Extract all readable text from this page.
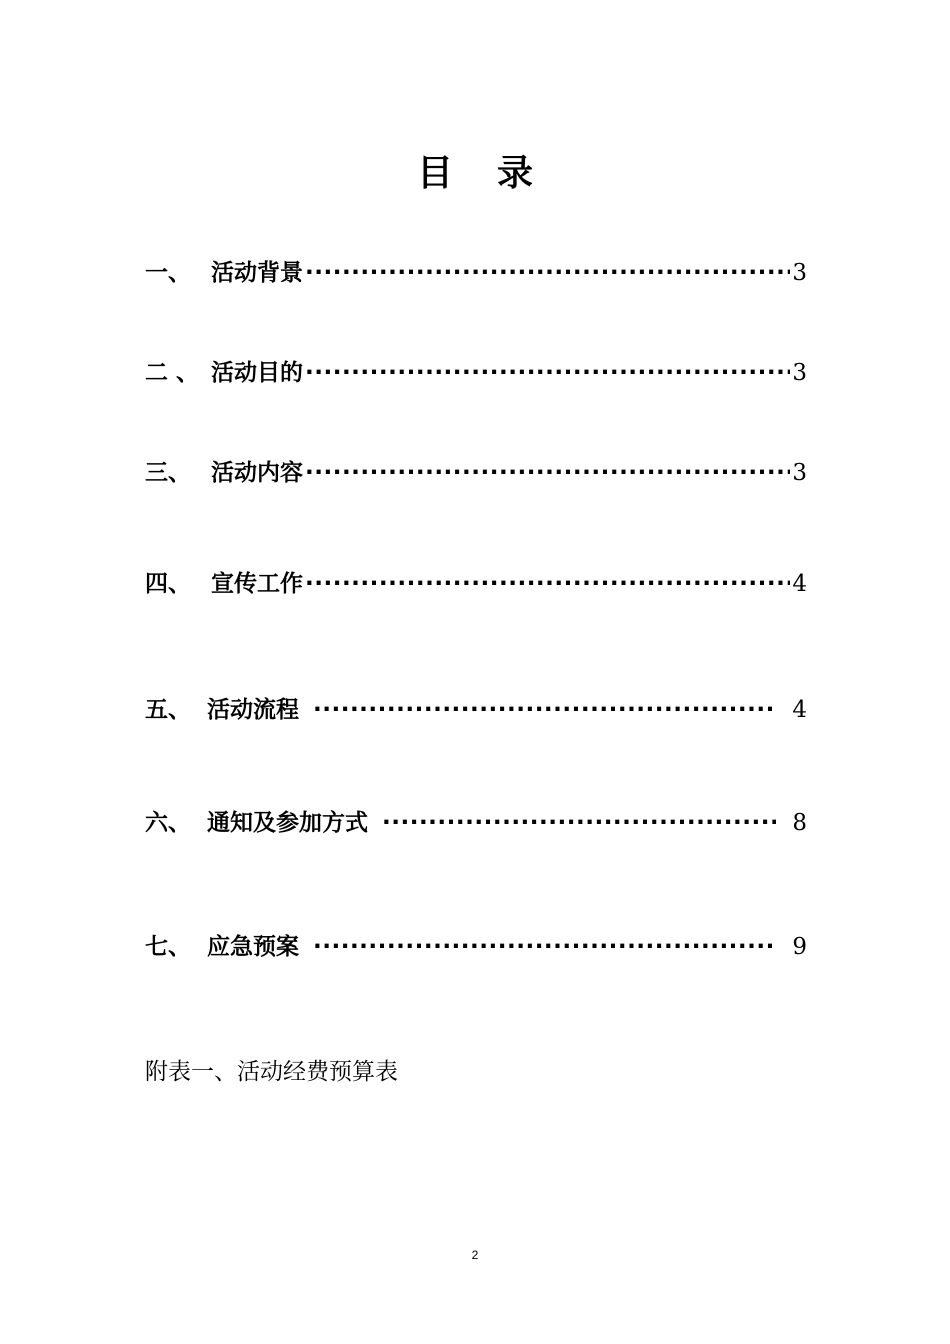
目录
一、 活动背景 ·····	3
二 、 活动目的 ·····	3
三、 活动内容 ·····	3
四、 宣传工作 ·····	4
五、 活动流程 ·····	4
六、 通知及参加方式 ·····	8
七、 应急预案 ·····	9
附表一、活动经费预算表
2
